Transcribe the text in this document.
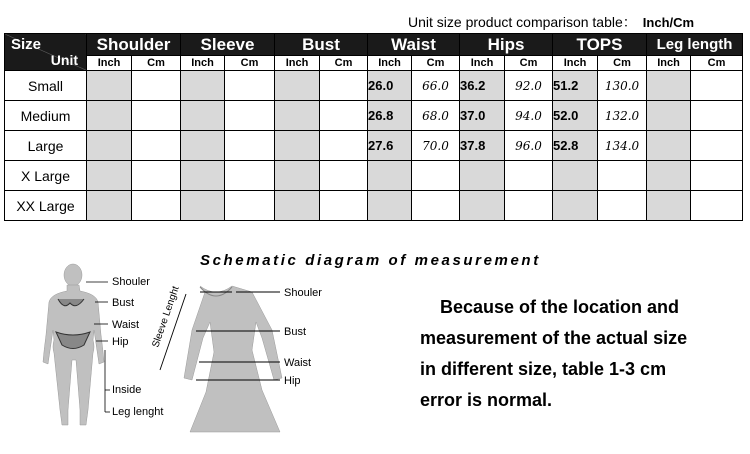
Unit size product comparison table： Inch/Cm
Size
Unit	Shoulder		Sleeve		Bust		Waist		Hips		TOPS		Leg length	
	Inch	Cm	Inch	Cm	Inch	Cm	Inch	Cm	Inch	Cm	Inch	Cm	Inch	Cm
Small							26.0	66.0	36.2	92.0	51.2	130.0		
Medium							26.8	68.0	37.0	94.0	52.0	132.0		
Large							27.6	70.0	37.8	96.0	52.8	134.0		
X Large														
XX Large														
Schematic diagram of measurement
Shouler
Bust
Waist
Hip
Inside
Leg lenght
Shouler
Bust
Waist
Hip
Sleeve Lenght	Because of the location and
measurement of the actual size
in different size, table 1-3 cm
error is normal.
